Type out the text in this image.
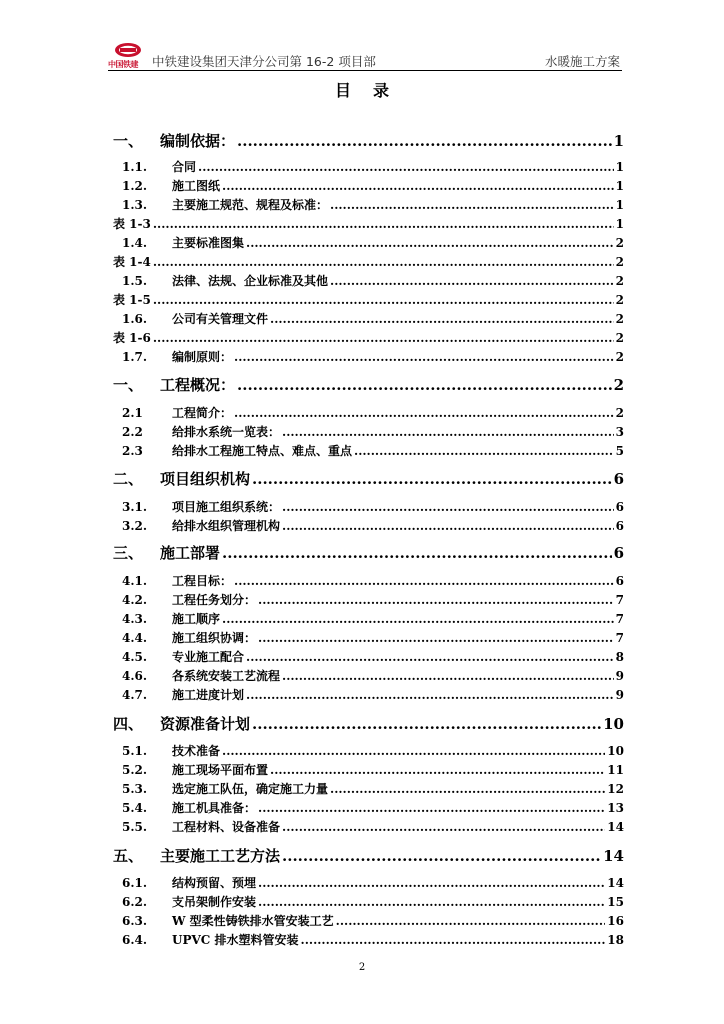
中国铁建	中铁建设集团天津分公司第 16-2 项目部	水暖施工方案
目录
一、	编制依据： .....	1
1.1.	合同 .....	1
1.2.	施工图纸 .....	1
1.3.	主要施工规范、规程及标准： .....	1
表 1-3 .....	1
1.4.	主要标准图集 .....	2
表 1-4 .....	2
1.5.	法律、法规、企业标准及其他 .....	2
表 1-5 .....	2
1.6.	公司有关管理文件 .....	2
表 1-6 .....	2
1.7.	编制原则： .....	2
一、	工程概况： .....	2
2.1	工程简介： .....	2
2.2	给排水系统一览表： .....	3
2.3	给排水工程施工特点、难点、重点 .....	5
二、	项目组织机构 .....	6
3.1.	项目施工组织系统： .....	6
3.2.	给排水组织管理机构 .....	6
三、	施工部署 .....	6
4.1.	工程目标： .....	6
4.2.	工程任务划分： .....	7
4.3.	施工顺序 .....	7
4.4.	施工组织协调： .....	7
4.5.	专业施工配合 .....	8
4.6.	各系统安装工艺流程 .....	9
4.7.	施工进度计划 .....	9
四、	资源准备计划 .....	10
5.1.	技术准备 .....	10
5.2.	施工现场平面布置 .....	11
5.3.	选定施工队伍，确定施工力量 .....	12
5.4.	施工机具准备： .....	13
5.5.	工程材料、设备准备 .....	14
五、	主要施工工艺方法 .....	14
6.1.	结构预留、预埋 .....	14
6.2.	支吊架制作安装 .....	15
6.3.	W 型柔性铸铁排水管安装工艺 .....	16
6.4.	UPVC 排水塑料管安装 .....	18
2
